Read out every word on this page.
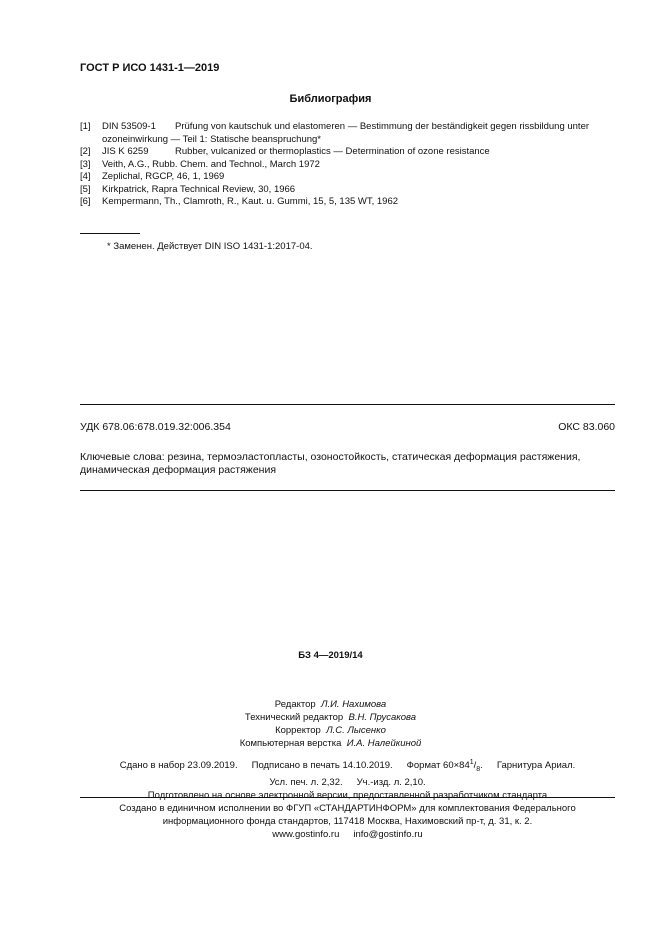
ГОСТ Р ИСО 1431-1—2019
Библиография
[1]	DIN 53509-1 Prüfung von kautschuk und elastomeren — Bestimmung der beständigkeit gegen rissbildung unter ozoneinwirkung — Teil 1: Statische beanspruchung*
[2]	JIS K 6259	Rubber, vulcanized or thermoplastics — Determination of ozone resistance
[3]	Veith, A.G., Rubb. Chem. and Technol., March 1972
[4]	Zeplichal, RGCP, 46, 1, 1969
[5]	Kirkpatrick, Rapra Technical Review, 30, 1966
[6]	Kempermann, Th., Clamroth, R., Kaut. u. Gummi, 15, 5, 135 WT, 1962
* Заменен. Действует DIN ISO 1431-1:2017-04.
УДК 678.06:678.019.32:006.354	ОКС 83.060
Ключевые слова: резина, термоэластопласты, озоностойкость, статическая деформация растяжения, динамическая деформация растяжения
БЗ 4—2019/14
Редактор Л.И. Нахимова
Технический редактор В.Н. Прусакова
Корректор Л.С. Лысенко
Компьютерная верстка И.А. Налейкиной
Сдано в набор 23.09.2019. Подписано в печать 14.10.2019. Формат $60\times 84^1/_8$. Гарнитура Ариал.
Усл. печ. л. 2,32. Уч.-изд. л. 2,10.
Подготовлено на основе электронной версии, предоставленной разработчиком стандарта
Создано в единичном исполнении во ФГУП «СТАНДАРТИНФОРМ» для комплектования Федерального
информационного фонда стандартов, 117418 Москва, Нахимовский пр-т, д. 31, к. 2.
www.gostinfo.ru info@gostinfo.ru
